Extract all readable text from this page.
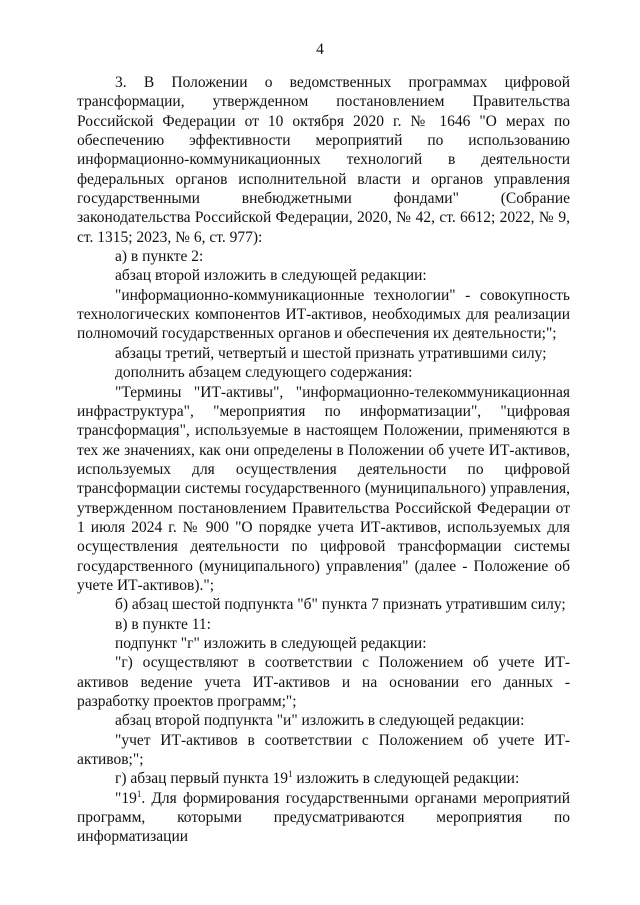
4

3. В Положении о ведомственных программах цифровой трансформации, утвержденном постановлением Правительства Российской Федерации от 10 октября 2020 г. № 1646 "О мерах по обеспечению эффективности мероприятий по использованию информационно-коммуникационных технологий в деятельности федеральных органов исполнительной власти и органов управления государственными внебюджетными фондами" (Собрание законодательства Российской Федерации, 2020, № 42, ст. 6612; 2022, № 9, ст. 1315; 2023, № 6, ст. 977):

а) в пункте 2:

абзац второй изложить в следующей редакции:

"информационно-коммуникационные технологии" - совокупность технологических компонентов ИТ-активов, необходимых для реализации полномочий государственных органов и обеспечения их деятельности;";

абзацы третий, четвертый и шестой признать утратившими силу;

дополнить абзацем следующего содержания:

"Термины "ИТ-активы", "информационно-телекоммуникационная инфраструктура", "мероприятия по информатизации", "цифровая трансформация", используемые в настоящем Положении, применяются в тех же значениях, как они определены в Положении об учете ИТ-активов, используемых для осуществления деятельности по цифровой трансформации системы государственного (муниципального) управления, утвержденном постановлением Правительства Российской Федерации от 1 июля 2024 г. № 900 "О порядке учета ИТ-активов, используемых для осуществления деятельности по цифровой трансформации системы государственного (муниципального) управления" (далее - Положение об учете ИТ-активов).";

б) абзац шестой подпункта "б" пункта 7 признать утратившим силу;

в) в пункте 11:

подпункт "г" изложить в следующей редакции:

"г) осуществляют в соответствии с Положением об учете ИТ-активов ведение учета ИТ-активов и на основании его данных - разработку проектов программ;";

абзац второй подпункта "и" изложить в следующей редакции:

"учет ИТ-активов в соответствии с Положением об учете ИТ-активов;";

г) абзац первый пункта $19^1$ изложить в следующей редакции:

"$19^1$. Для формирования государственными органами мероприятий программ, которыми предусматриваются мероприятия по информатизации
